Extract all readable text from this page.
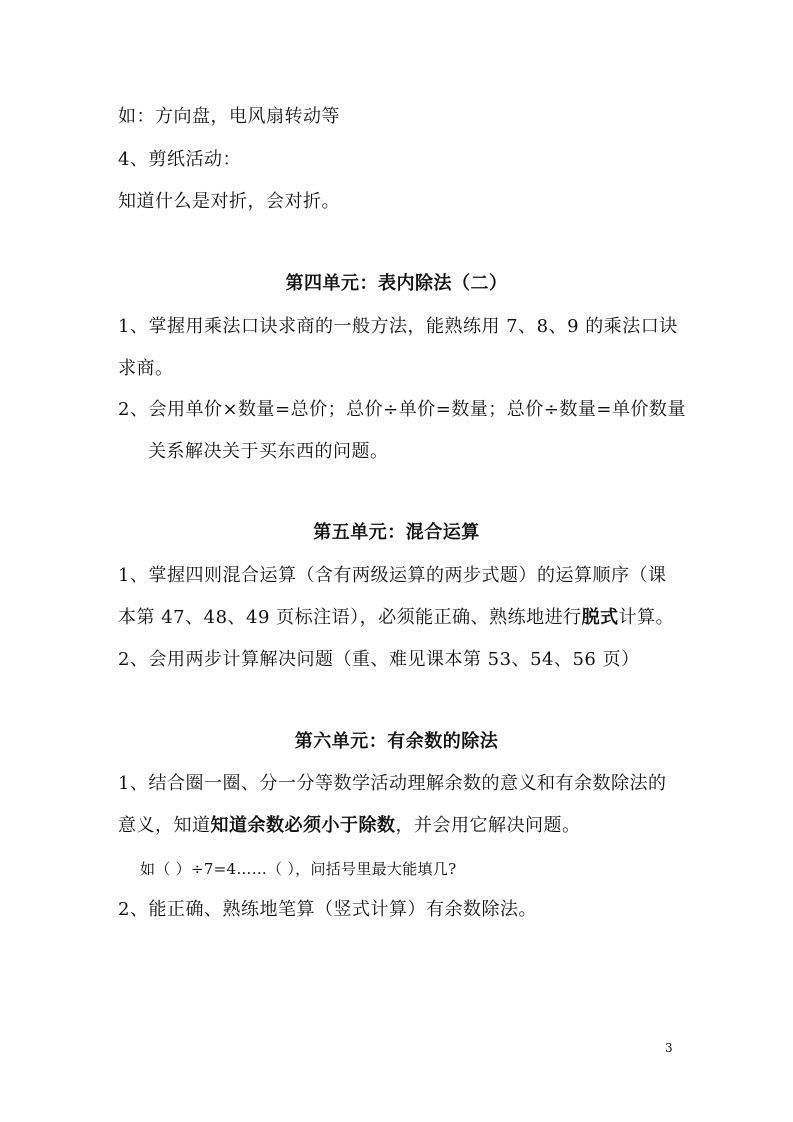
如：方向盘，电风扇转动等
4、剪纸活动：
知道什么是对折，会对折。
第四单元：表内除法（二）
1、掌握用乘法口诀求商的一般方法，能熟练用 7、8、9 的乘法口诀
求商。
2、会用单价×数量=总价；总价÷单价=数量；总价÷数量=单价数量
关系解决关于买东西的问题。
第五单元：混合运算
1、掌握四则混合运算（含有两级运算的两步式题）的运算顺序（课
本第 47、48、49 页标注语），必须能正确、熟练地进行脱式计算。
2、会用两步计算解决问题（重、难见课本第 53、54、56 页）
第六单元：有余数的除法
1、结合圈一圈、分一分等数学活动理解余数的意义和有余数除法的
意义，知道知道余数必须小于除数，并会用它解决问题。
如（ ）÷7=4……（ ），问括号里最大能填几?
2、能正确、熟练地笔算（竖式计算）有余数除法。
3
